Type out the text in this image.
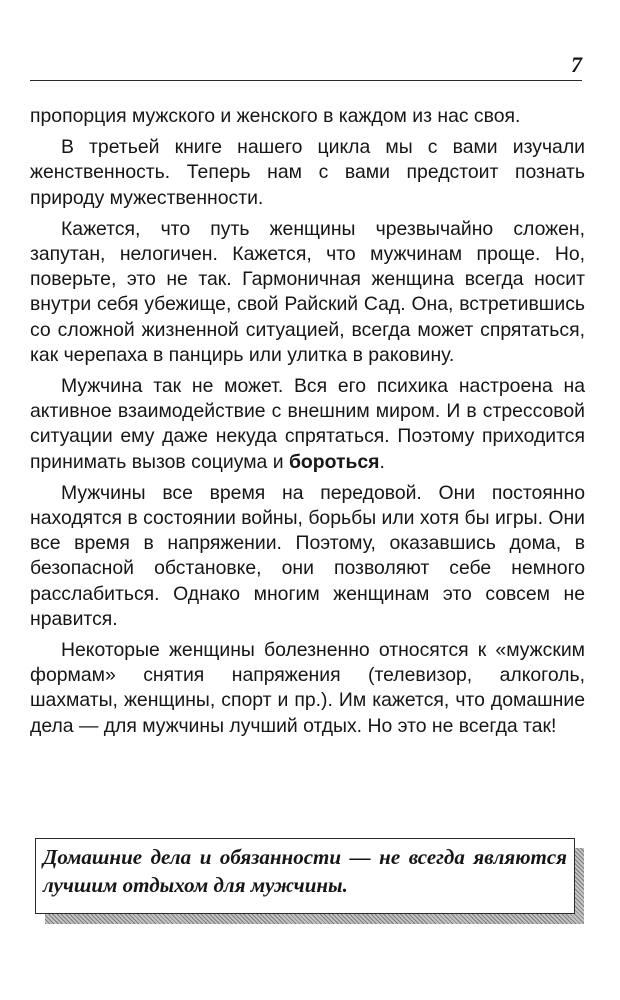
7

пропорция мужского и женского в каждом из нас своя.

В третьей книге нашего цикла мы с вами изучали женственность. Теперь нам с вами предстоит познать природу мужественности.

Кажется, что путь женщины чрезвычайно сложен, запутан, нелогичен. Кажется, что мужчинам проще. Но, поверьте, это не так. Гармоничная женщина всегда носит внутри себя убежище, свой Райский Сад. Она, встретившись со сложной жизненной ситуацией, всегда может спрятаться, как черепаха в панцирь или улитка в раковину.

Мужчина так не может. Вся его психика настроена на активное взаимодействие с внешним миром. И в стрессовой ситуации ему даже некуда спрятаться. Поэтому приходится принимать вызов социума и бороться.

Мужчины все время на передовой. Они постоянно находятся в состоянии войны, борьбы или хотя бы игры. Они все время в напряжении. Поэтому, оказавшись дома, в безопасной обстановке, они позволяют себе немного расслабиться. Однако многим женщинам это совсем не нравится.

Некоторые женщины болезненно относятся к «мужским формам» снятия напряжения (телевизор, алкоголь, шахматы, женщины, спорт и пр.). Им кажется, что домашние дела — для мужчины лучший отдых. Но это не всегда так!

Домашние дела и обязанности — не всегда являются лучшим отдыхом для мужчины.
